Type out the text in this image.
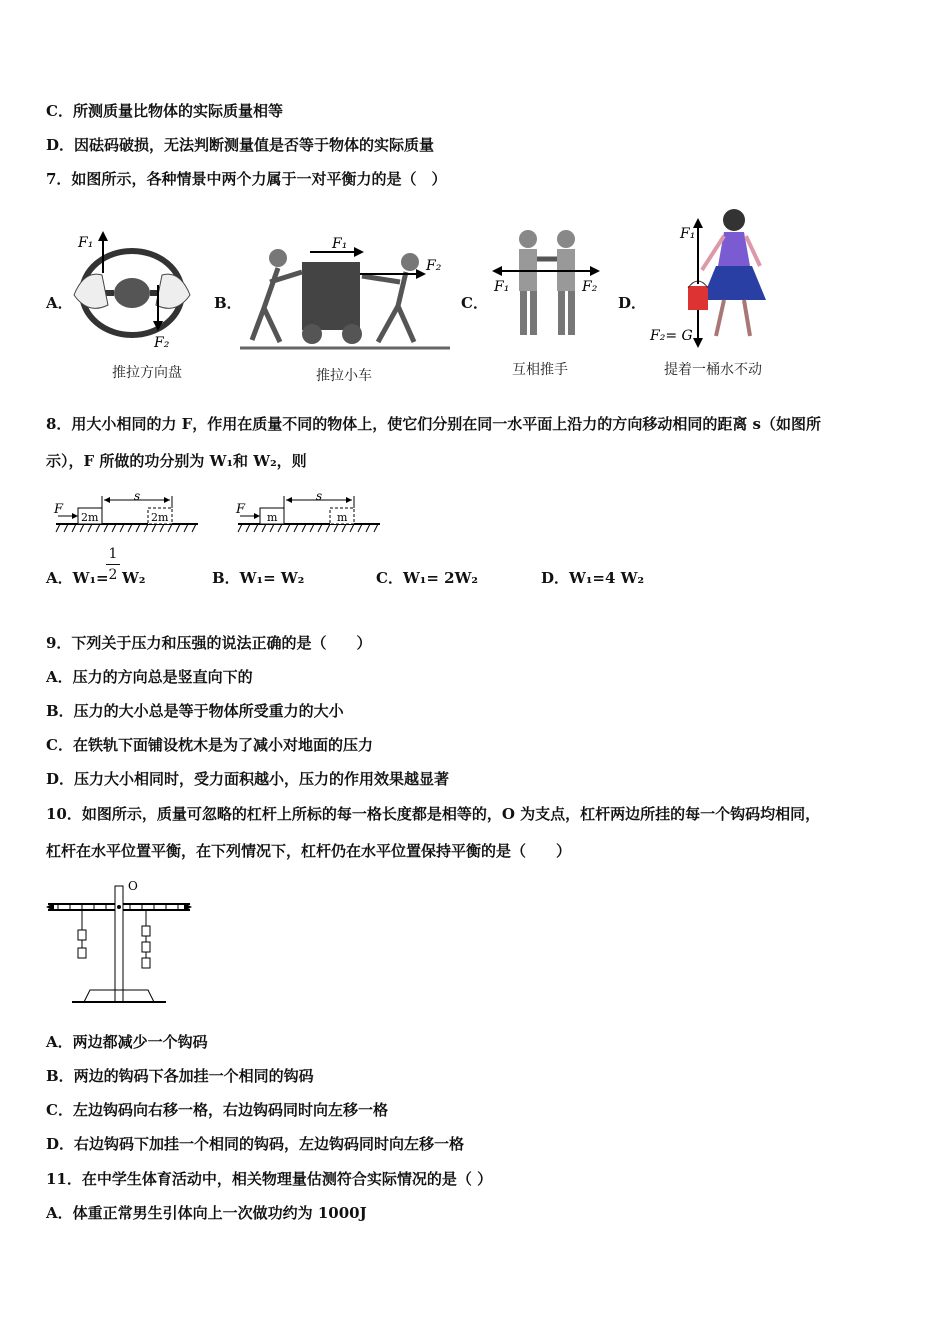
C．所测质量比物体的实际质量相等
D．因砝码破损，无法判断测量值是否等于物体的实际质量
7．如图所示，各种情景中两个力属于一对平衡力的是（　）
A．	B．	C．	D．
F₁
F₂
推拉方向盘
F₁
F₂
推拉小车
F₁	F₂
互相推手
F₁
F₂= G
提着一桶水不动
8．用大小相同的力 F，作用在质量不同的物体上，使它们分别在同一水平面上沿力的方向移动相同的距离 s（如图所
示），F 所做的功分别为 W₁和 W₂，则
F
s
2m	2m
F
s
m	m
A．W₁=
1
2 W₂	B．W₁= W₂	C．W₁= 2W₂	D．W₁=4 W₂
9．下列关于压力和压强的说法正确的是（　　）
A．压力的方向总是竖直向下的
B．压力的大小总是等于物体所受重力的大小
C．在铁轨下面铺设枕木是为了减小对地面的压力
D．压力大小相同时，受力面积越小，压力的作用效果越显著
10．如图所示，质量可忽略的杠杆上所标的每一格长度都是相等的，O 为支点，杠杆两边所挂的每一个钩码均相同，
杠杆在水平位置平衡，在下列情况下，杠杆仍在水平位置保持平衡的是（　　）
O
A．两边都减少一个钩码
B．两边的钩码下各加挂一个相同的钩码
C．左边钩码向右移一格，右边钩码同时向左移一格
D．右边钩码下加挂一个相同的钩码，左边钩码同时向左移一格
11．在中学生体育活动中，相关物理量估测符合实际情况的是（ ）
A．体重正常男生引体向上一次做功约为 1000J
